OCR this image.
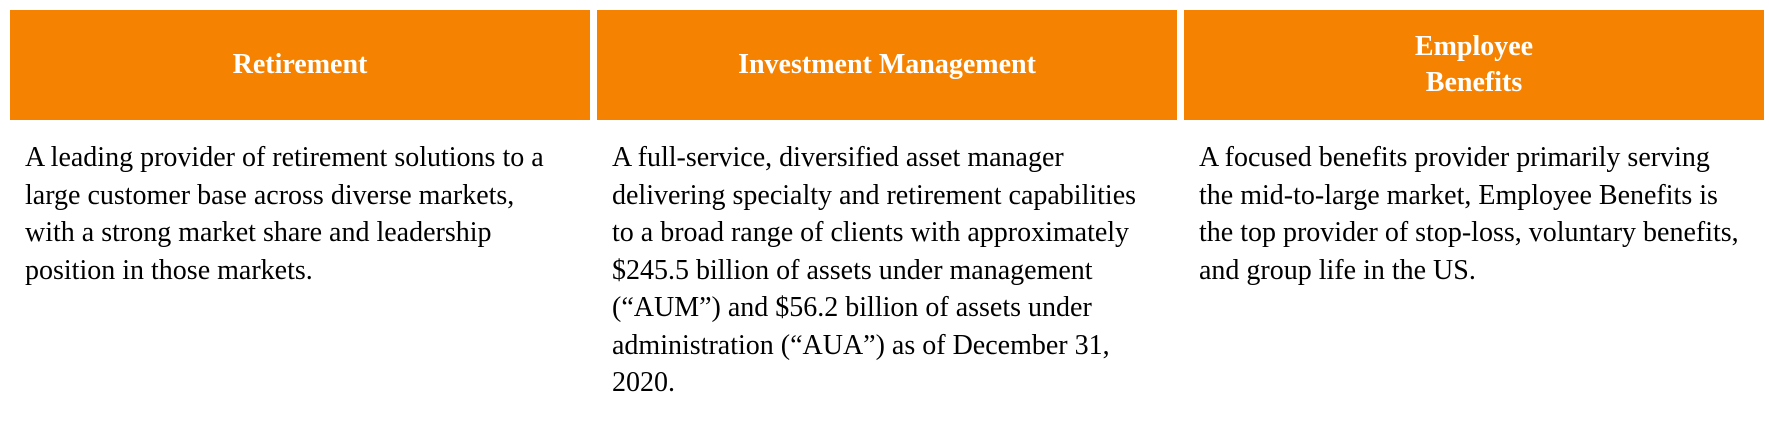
Retirement	Investment Management
Employee
Benefits
A leading provider of retirement solutions to a large customer base across diverse markets, with a strong market share and leadership position in those markets.
A full-service, diversified asset manager delivering specialty and retirement capabilities to a broad range of clients with approximately $245.5 billion of assets under management (“AUM”) and $56.2 billion of assets under administration (“AUA”) as of December 31, 2020.
A focused benefits provider primarily serving the mid-to-large market, Employee Benefits is the top provider of stop-loss, voluntary benefits, and group life in the US.
